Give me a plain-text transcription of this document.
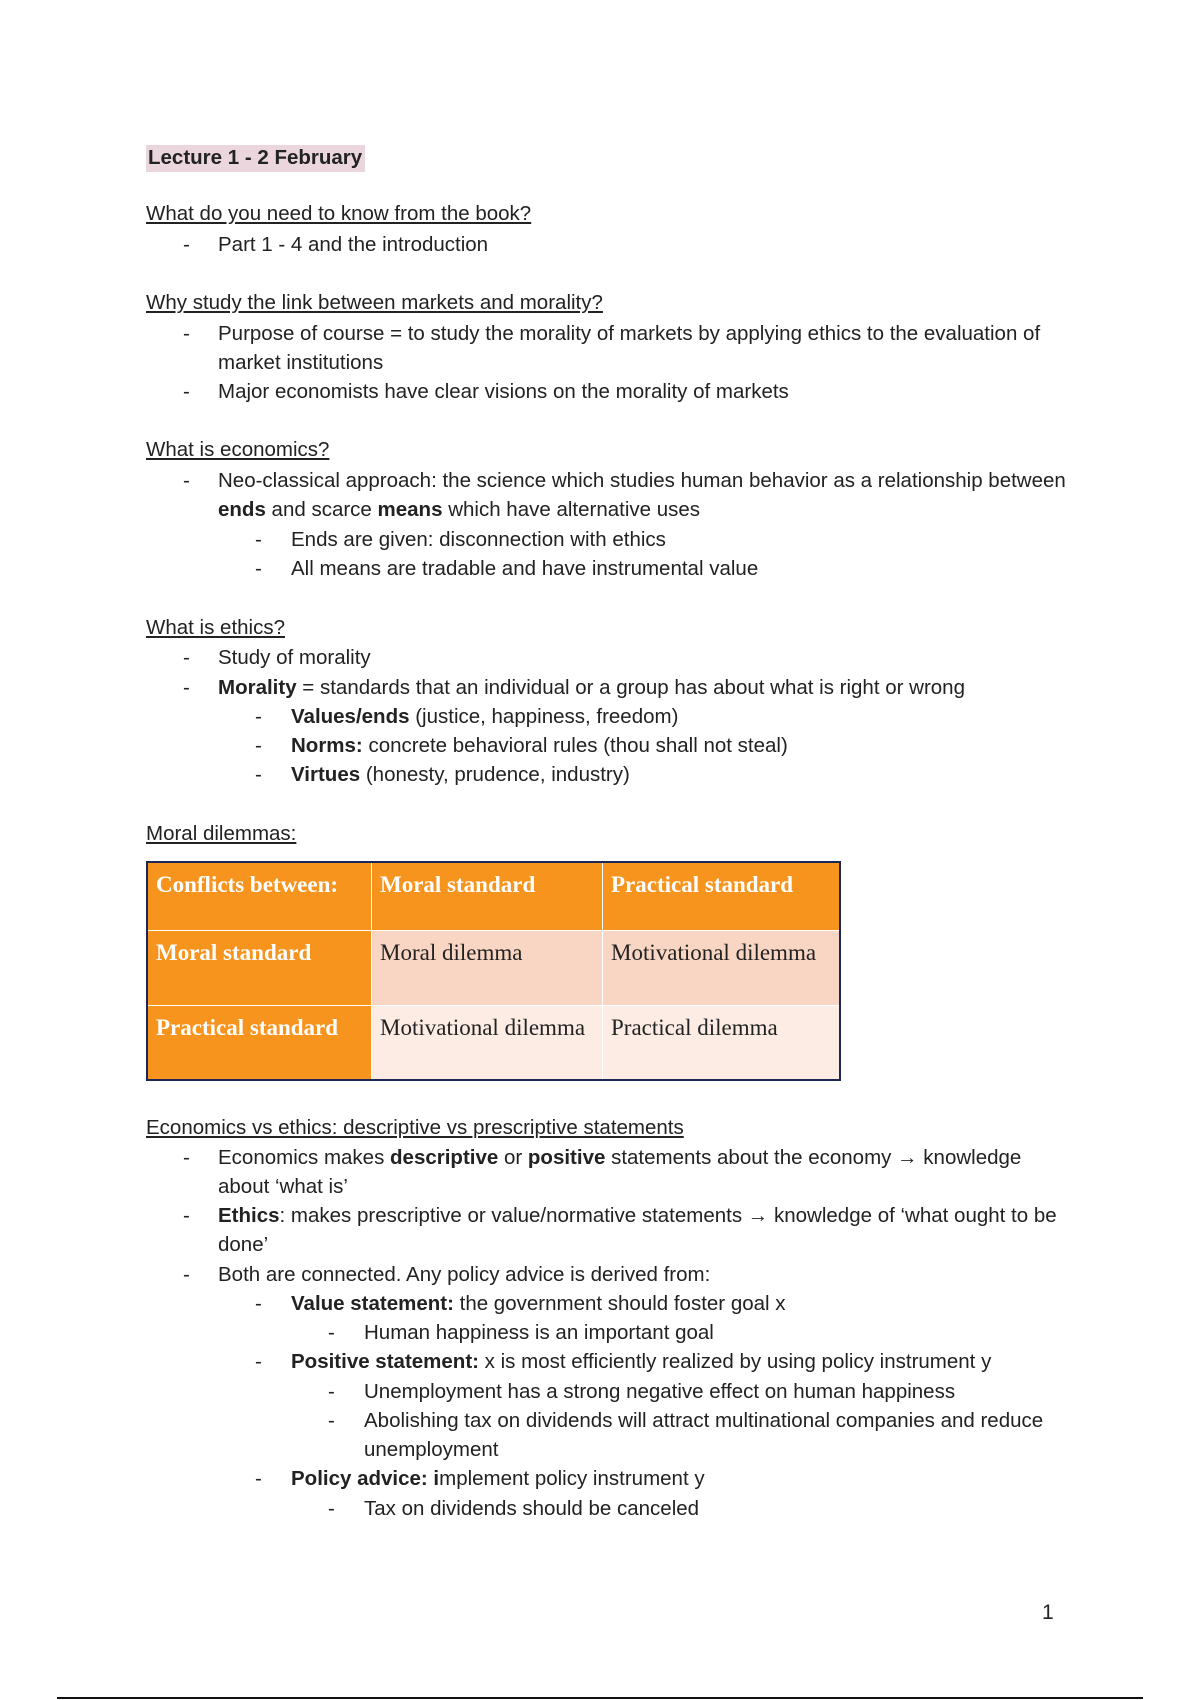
Lecture 1 - 2 February
What do you need to know from the book?
- Part 1 - 4 and the introduction
Why study the link between markets and morality?
- Purpose of course = to study the morality of markets by applying ethics to the evaluation of market institutions
- Major economists have clear visions on the morality of markets
What is economics?
- Neo-classical approach: the science which studies human behavior as a relationship between ends and scarce means which have alternative uses
- Ends are given: disconnection with ethics
- All means are tradable and have instrumental value
What is ethics?
- Study of morality
- Morality = standards that an individual or a group has about what is right or wrong
- Values/ends (justice, happiness, freedom)
- Norms: concrete behavioral rules (thou shall not steal)
- Virtues (honesty, prudence, industry)
Moral dilemmas:
Conflicts between:	Moral standard	Practical standard
Moral standard	Moral dilemma	Motivational dilemma
Practical standard	Motivational dilemma	Practical dilemma
Economics vs ethics: descriptive vs prescriptive statements
- Economics makes descriptive or positive statements about the economy → knowledge about ‘what is’
- Ethics: makes prescriptive or value/normative statements → knowledge of ‘what ought to be done’
- Both are connected. Any policy advice is derived from:
- Value statement: the government should foster goal x
- Human happiness is an important goal
- Positive statement: x is most efficiently realized by using policy instrument y
- Unemployment has a strong negative effect on human happiness
- Abolishing tax on dividends will attract multinational companies and reduce unemployment
- Policy advice: implement policy instrument y
- Tax on dividends should be canceled
1
